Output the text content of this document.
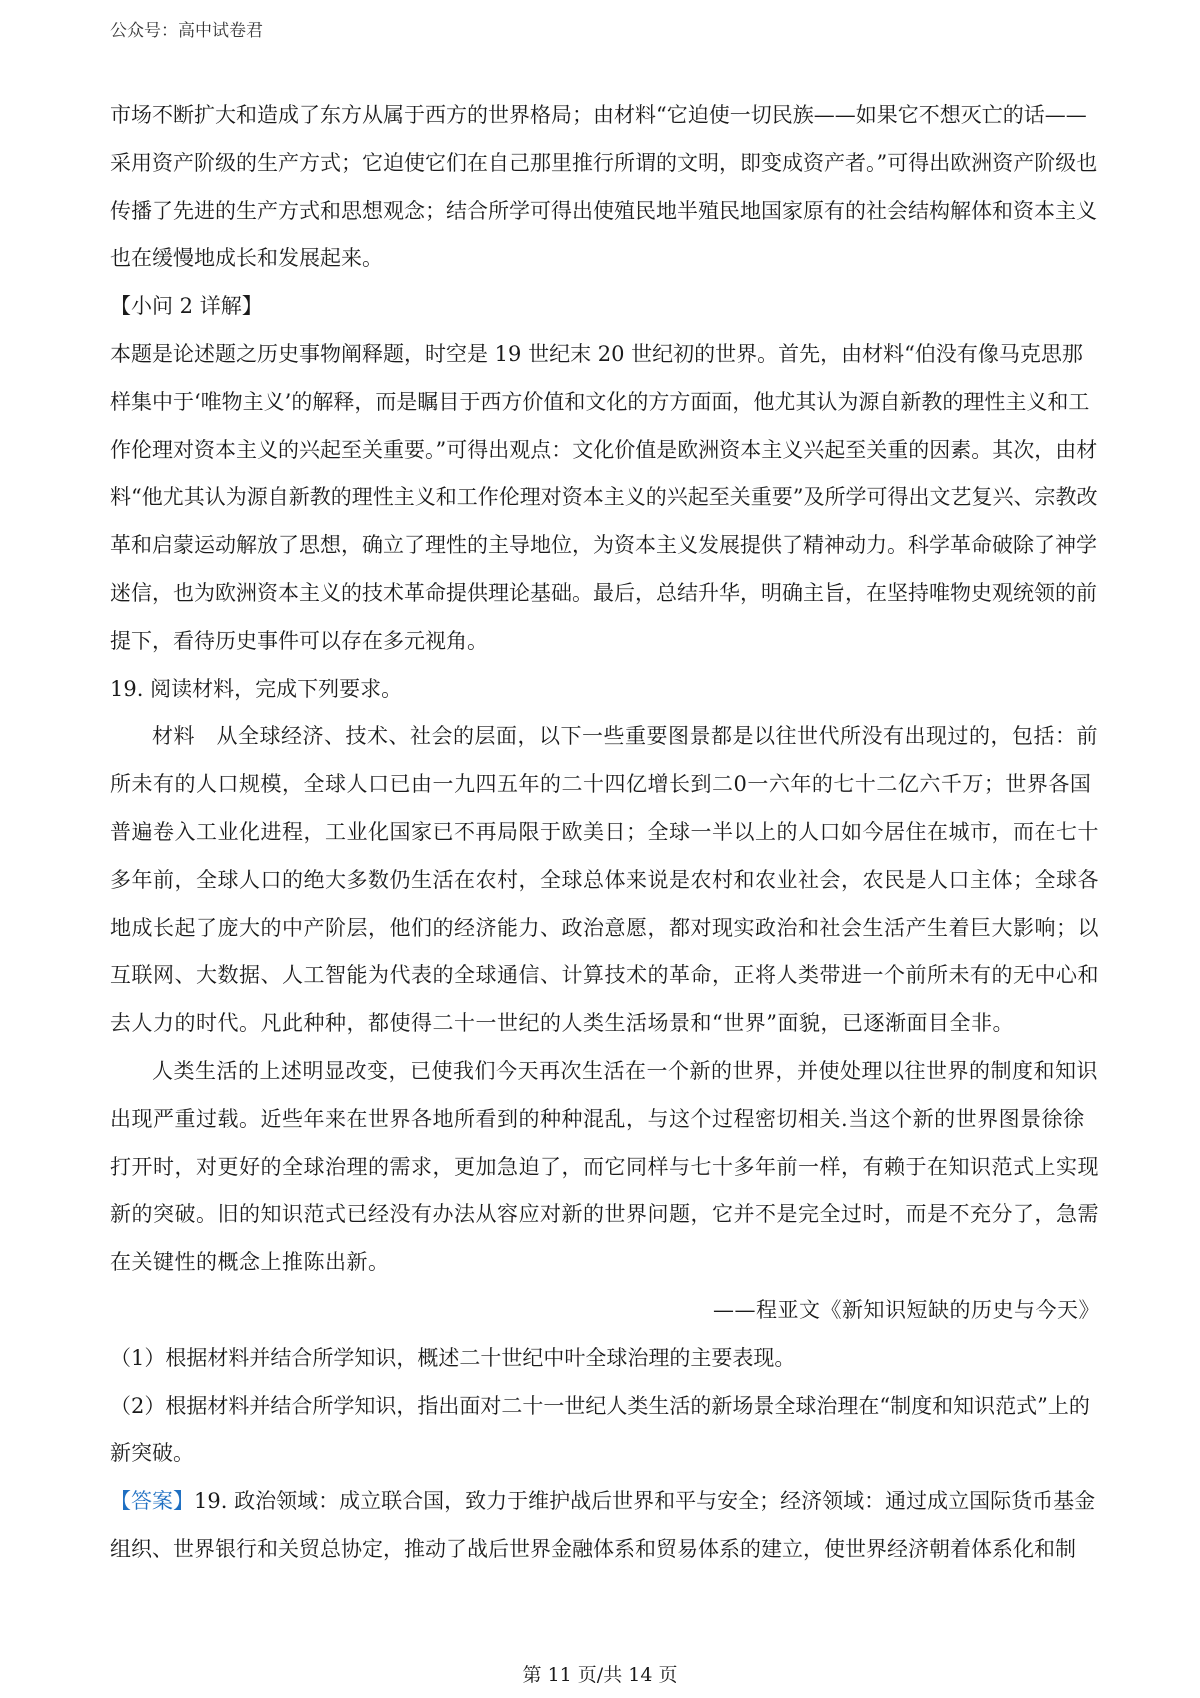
公众号：高中试卷君

市场不断扩大和造成了东方从属于西方的世界格局；由材料“它迫使一切民族——如果它不想灭亡的话——采用资产阶级的生产方式；它迫使它们在自己那里推行所谓的文明，即变成资产者。”可得出欧洲资产阶级也传播了先进的生产方式和思想观念；结合所学可得出使殖民地半殖民地国家原有的社会结构解体和资本主义也在缓慢地成长和发展起来。

【小问 2 详解】

本题是论述题之历史事物阐释题，时空是 19 世纪末 20 世纪初的世界。首先，由材料“伯没有像马克思那样集中于‘唯物主义’的解释，而是瞩目于西方价值和文化的方方面面，他尤其认为源自新教的理性主义和工作伦理对资本主义的兴起至关重要。”可得出观点：文化价值是欧洲资本主义兴起至关重的因素。其次，由材料“他尤其认为源自新教的理性主义和工作伦理对资本主义的兴起至关重要”及所学可得出文艺复兴、宗教改革和启蒙运动解放了思想，确立了理性的主导地位，为资本主义发展提供了精神动力。科学革命破除了神学迷信，也为欧洲资本主义的技术革命提供理论基础。最后，总结升华，明确主旨，在坚持唯物史观统领的前提下，看待历史事件可以存在多元视角。

19. 阅读材料，完成下列要求。

材料　从全球经济、技术、社会的层面，以下一些重要图景都是以往世代所没有出现过的，包括：前所未有的人口规模，全球人口已由一九四五年的二十四亿增长到二0一六年的七十二亿六千万；世界各国普遍卷入工业化进程，工业化国家已不再局限于欧美日；全球一半以上的人口如今居住在城市，而在七十多年前，全球人口的绝大多数仍生活在农村，全球总体来说是农村和农业社会，农民是人口主体；全球各地成长起了庞大的中产阶层，他们的经济能力、政治意愿，都对现实政治和社会生活产生着巨大影响；以互联网、大数据、人工智能为代表的全球通信、计算技术的革命，正将人类带进一个前所未有的无中心和去人力的时代。凡此种种，都使得二十一世纪的人类生活场景和“世界”面貌，已逐渐面目全非。

人类生活的上述明显改变，已使我们今天再次生活在一个新的世界，并使处理以往世界的制度和知识出现严重过载。近些年来在世界各地所看到的种种混乱，与这个过程密切相关.当这个新的世界图景徐徐打开时，对更好的全球治理的需求，更加急迫了，而它同样与七十多年前一样，有赖于在知识范式上实现新的突破。旧的知识范式已经没有办法从容应对新的世界问题，它并不是完全过时，而是不充分了，急需在关键性的概念上推陈出新。

——程亚文《新知识短缺的历史与今天》

（1）根据材料并结合所学知识，概述二十世纪中叶全球治理的主要表现。

（2）根据材料并结合所学知识，指出面对二十一世纪人类生活的新场景全球治理在“制度和知识范式”上的新突破。

【答案】19. 政治领域：成立联合国，致力于维护战后世界和平与安全；经济领域：通过成立国际货币基金组织、世界银行和关贸总协定，推动了战后世界金融体系和贸易体系的建立，使世界经济朝着体系化和制

第 11 页/共 14 页
